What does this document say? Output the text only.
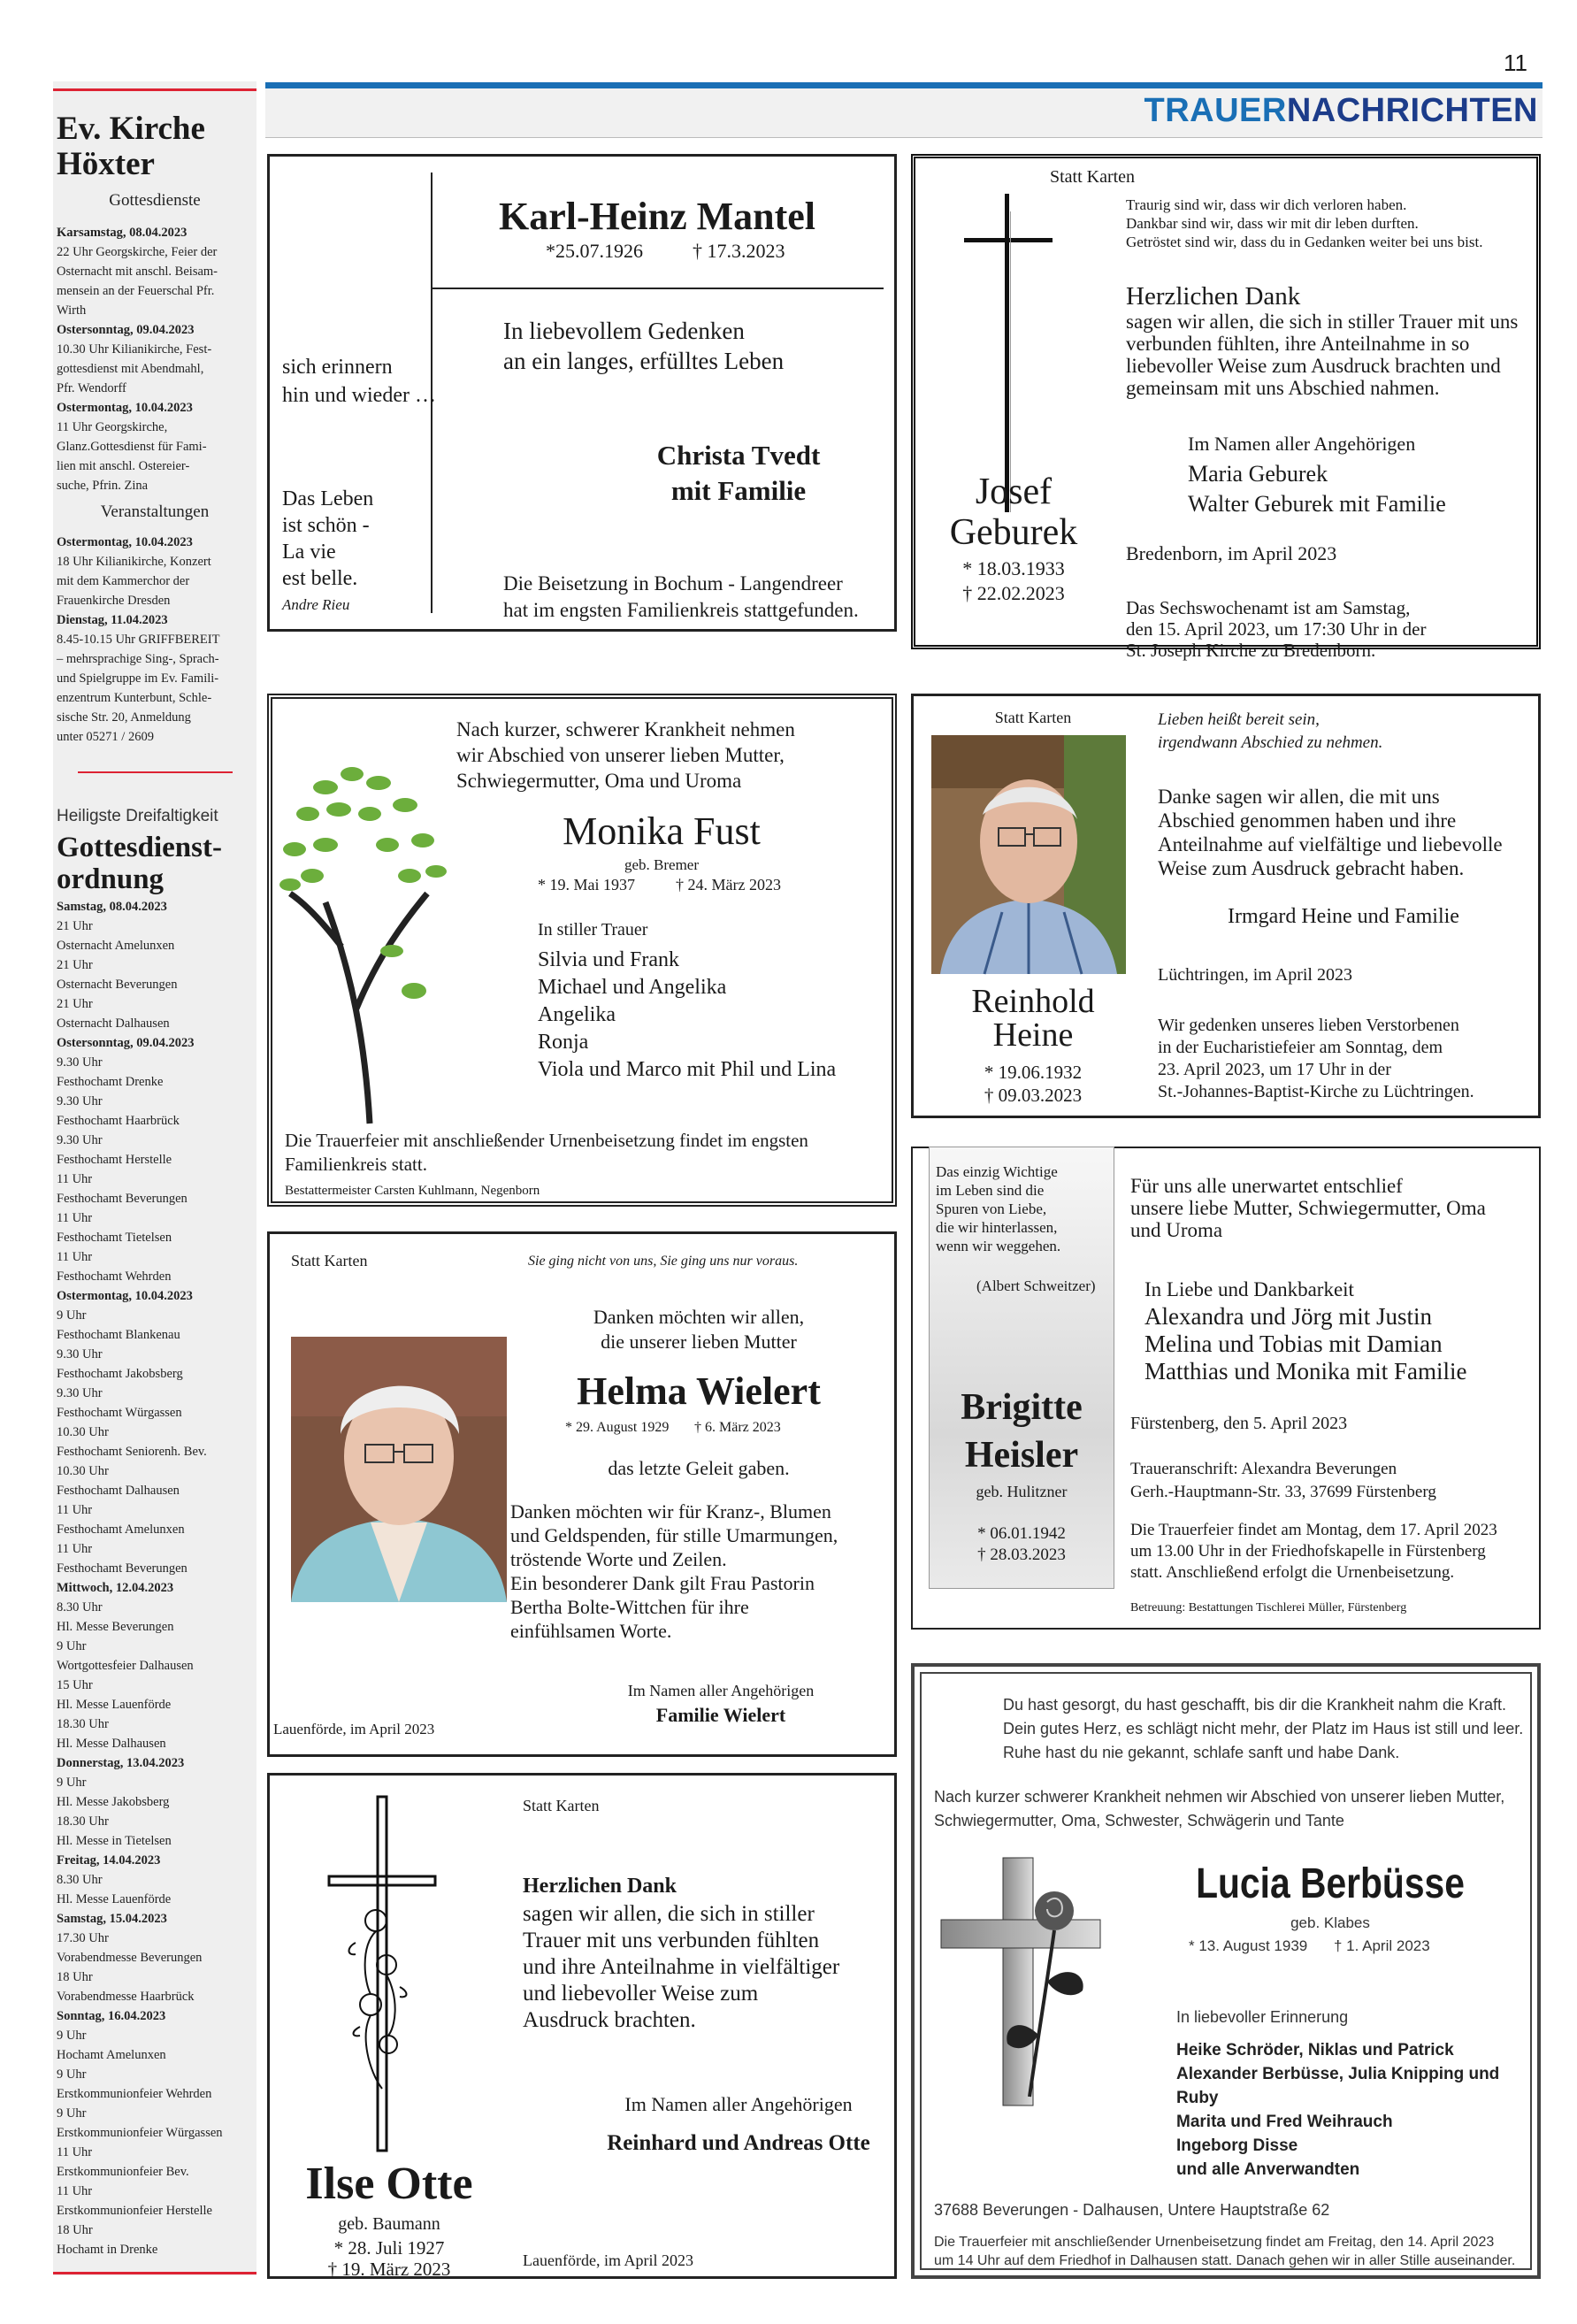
11
TRAUERNACHRICHTEN
Ev. Kirche
Höxter
Gottesdienste
Karsamstag, 08.04.2023
22 Uhr Georgskirche, Feier der
Osternacht mit anschl. Beisam-
mensein an der Feuerschal Pfr.
Wirth
Ostersonntag, 09.04.2023
10.30 Uhr Kilianikirche, Fest-
gottesdienst mit Abendmahl,
Pfr. Wendorff
Ostermontag, 10.04.2023
11 Uhr Georgskirche,
Glanz.Gottesdienst für Fami-
lien mit anschl. Ostereier-
suche, Pfrin. Zina
Veranstaltungen
Ostermontag, 10.04.2023
18 Uhr Kilianikirche, Konzert
mit dem Kammerchor der
Frauenkirche Dresden
Dienstag, 11.04.2023
8.45-10.15 Uhr GRIFFBEREIT
– mehrsprachige Sing-, Sprach-
und Spielgruppe im Ev. Famili-
enzentrum Kunterbunt, Schle-
sische Str. 20, Anmeldung
unter 05271 / 2609
Heiligste Dreifaltigkeit
Gottesdienst-
ordnung
Samstag, 08.04.2023
21 Uhr
Osternacht Amelunxen
21 Uhr
Osternacht Beverungen
21 Uhr
Osternacht Dalhausen
Ostersonntag, 09.04.2023
9.30 Uhr
Festhochamt Drenke
9.30 Uhr
Festhochamt Haarbrück
9.30 Uhr
Festhochamt Herstelle
11 Uhr
Festhochamt Beverungen
11 Uhr
Festhochamt Tietelsen
11 Uhr
Festhochamt Wehrden
Ostermontag, 10.04.2023
9 Uhr
Festhochamt Blankenau
9.30 Uhr
Festhochamt Jakobsberg
9.30 Uhr
Festhochamt Würgassen
10.30 Uhr
Festhochamt Seniorenh. Bev.
10.30 Uhr
Festhochamt Dalhausen
11 Uhr
Festhochamt Amelunxen
11 Uhr
Festhochamt Beverungen
Mittwoch, 12.04.2023
8.30 Uhr
Hl. Messe Beverungen
9 Uhr
Wortgottesfeier Dalhausen
15 Uhr
Hl. Messe Lauenförde
18.30 Uhr
Hl. Messe Dalhausen
Donnerstag, 13.04.2023
9 Uhr
Hl. Messe Jakobsberg
18.30 Uhr
Hl. Messe in Tietelsen
Freitag, 14.04.2023
8.30 Uhr
Hl. Messe Lauenförde
Samstag, 15.04.2023
17.30 Uhr
Vorabendmesse Beverungen
18 Uhr
Vorabendmesse Haarbrück
Sonntag, 16.04.2023
9 Uhr
Hochamt Amelunxen
9 Uhr
Erstkommunionfeier Wehrden
9 Uhr
Erstkommunionfeier Würgassen
11 Uhr
Erstkommunionfeier Bev.
11 Uhr
Erstkommunionfeier Herstelle
18 Uhr
Hochamt in Drenke
Karl-Heinz Mantel
*25.07.1926	† 17.3.2023
sich erinnern
hin und wieder …
Das Leben
ist schön -
La vie
est belle.
Andre Rieu
In liebevollem Gedenken
an ein langes, erfülltes Leben
Christa Tvedt
mit Familie
Die Beisetzung in Bochum - Langendreer
hat im engsten Familienkreis stattgefunden.
Statt Karten
Traurig sind wir, dass wir dich verloren haben.
Dankbar sind wir, dass wir mit dir leben durften.
Getröstet sind wir, dass du in Gedanken weiter bei uns bist.
Herzlichen Dank
sagen wir allen, die sich in stiller Trauer mit uns
verbunden fühlten, ihre Anteilnahme in so
liebevoller Weise zum Ausdruck brachten und
gemeinsam mit uns Abschied nahmen.
Im Namen aller Angehörigen
Maria Geburek
Walter Geburek mit Familie
Josef
Geburek
* 18.03.1933
† 22.02.2023
Bredenborn, im April 2023
Das Sechswochenamt ist am Samstag,
den 15. April 2023, um 17:30 Uhr in der
St. Joseph Kirche zu Bredenborn.
Nach kurzer, schwerer Krankheit nehmen
wir Abschied von unserer lieben Mutter,
Schwiegermutter, Oma und Uroma
Monika Fust
geb. Bremer
* 19. Mai 1937	† 24. März 2023
In stiller Trauer
Silvia und Frank
Michael und Angelika
Angelika
Ronja
Viola und Marco mit Phil und Lina
Die Trauerfeier mit anschließender Urnenbeisetzung findet im engsten
Familienkreis statt.
Bestattermeister Carsten Kuhlmann, Negenborn
Statt Karten
Reinhold
Heine
* 19.06.1932
† 09.03.2023
Lieben heißt bereit sein,
irgendwann Abschied zu nehmen.
Danke sagen wir allen, die mit uns
Abschied genommen haben und ihre
Anteilnahme auf vielfältige und liebevolle
Weise zum Ausdruck gebracht haben.
Irmgard Heine und Familie
Lüchtringen, im April 2023
Wir gedenken unseres lieben Verstorbenen
in der Eucharistiefeier am Sonntag, dem
23. April 2023, um 17 Uhr in der
St.-Johannes-Baptist-Kirche zu Lüchtringen.
Statt Karten	Sie ging nicht von uns, Sie ging uns nur voraus.
Danken möchten wir allen,
die unserer lieben Mutter
Helma Wielert
* 29. August 1929 † 6. März 2023
das letzte Geleit gaben.
Danken möchten wir für Kranz-, Blumen
und Geldspenden, für stille Umarmungen,
tröstende Worte und Zeilen.
Ein besonderer Dank gilt Frau Pastorin
Bertha Bolte-Wittchen für ihre
einfühlsamen Worte.
Im Namen aller Angehörigen
Familie Wielert
Lauenförde, im April 2023
Das einzig Wichtige
im Leben sind die
Spuren von Liebe,
die wir hinterlassen,
wenn wir weggehen.
(Albert Schweitzer)
Brigitte
Heisler
geb. Hulitzner
* 06.01.1942
† 28.03.2023
Für uns alle unerwartet entschlief
unsere liebe Mutter, Schwiegermutter, Oma
und Uroma
In Liebe und Dankbarkeit
Alexandra und Jörg mit Justin
Melina und Tobias mit Damian
Matthias und Monika mit Familie
Fürstenberg, den 5. April 2023
Traueranschrift: Alexandra Beverungen
Gerh.-Hauptmann-Str. 33, 37699 Fürstenberg
Die Trauerfeier findet am Montag, dem 17. April 2023
um 13.00 Uhr in der Friedhofskapelle in Fürstenberg
statt. Anschließend erfolgt die Urnenbeisetzung.
Betreuung: Bestattungen Tischlerei Müller, Fürstenberg
Ilse Otte
geb. Baumann
* 28. Juli 1927
† 19. März 2023
Statt Karten
Herzlichen Dank
sagen wir allen, die sich in stiller
Trauer mit uns verbunden fühlten
und ihre Anteilnahme in vielfältiger
und liebevoller Weise zum
Ausdruck brachten.
Im Namen aller Angehörigen
Reinhard und Andreas Otte
Lauenförde, im April 2023
Du hast gesorgt, du hast geschafft, bis dir die Krankheit nahm die Kraft.
Dein gutes Herz, es schlägt nicht mehr, der Platz im Haus ist still und leer.
Ruhe hast du nie gekannt, schlafe sanft und habe Dank.
Nach kurzer schwerer Krankheit nehmen wir Abschied von unserer lieben Mutter,
Schwiegermutter, Oma, Schwester, Schwägerin und Tante
Lucia Berbüsse
geb. Klabes
* 13. August 1939 † 1. April 2023
In liebevoller Erinnerung
Heike Schröder, Niklas und Patrick
Alexander Berbüsse, Julia Knipping und Ruby
Marita und Fred Weihrauch
Ingeborg Disse
und alle Anverwandten
37688 Beverungen - Dalhausen, Untere Hauptstraße 62
Die Trauerfeier mit anschließender Urnenbeisetzung findet am Freitag, den 14. April 2023
um 14 Uhr auf dem Friedhof in Dalhausen statt. Danach gehen wir in aller Stille auseinander.
